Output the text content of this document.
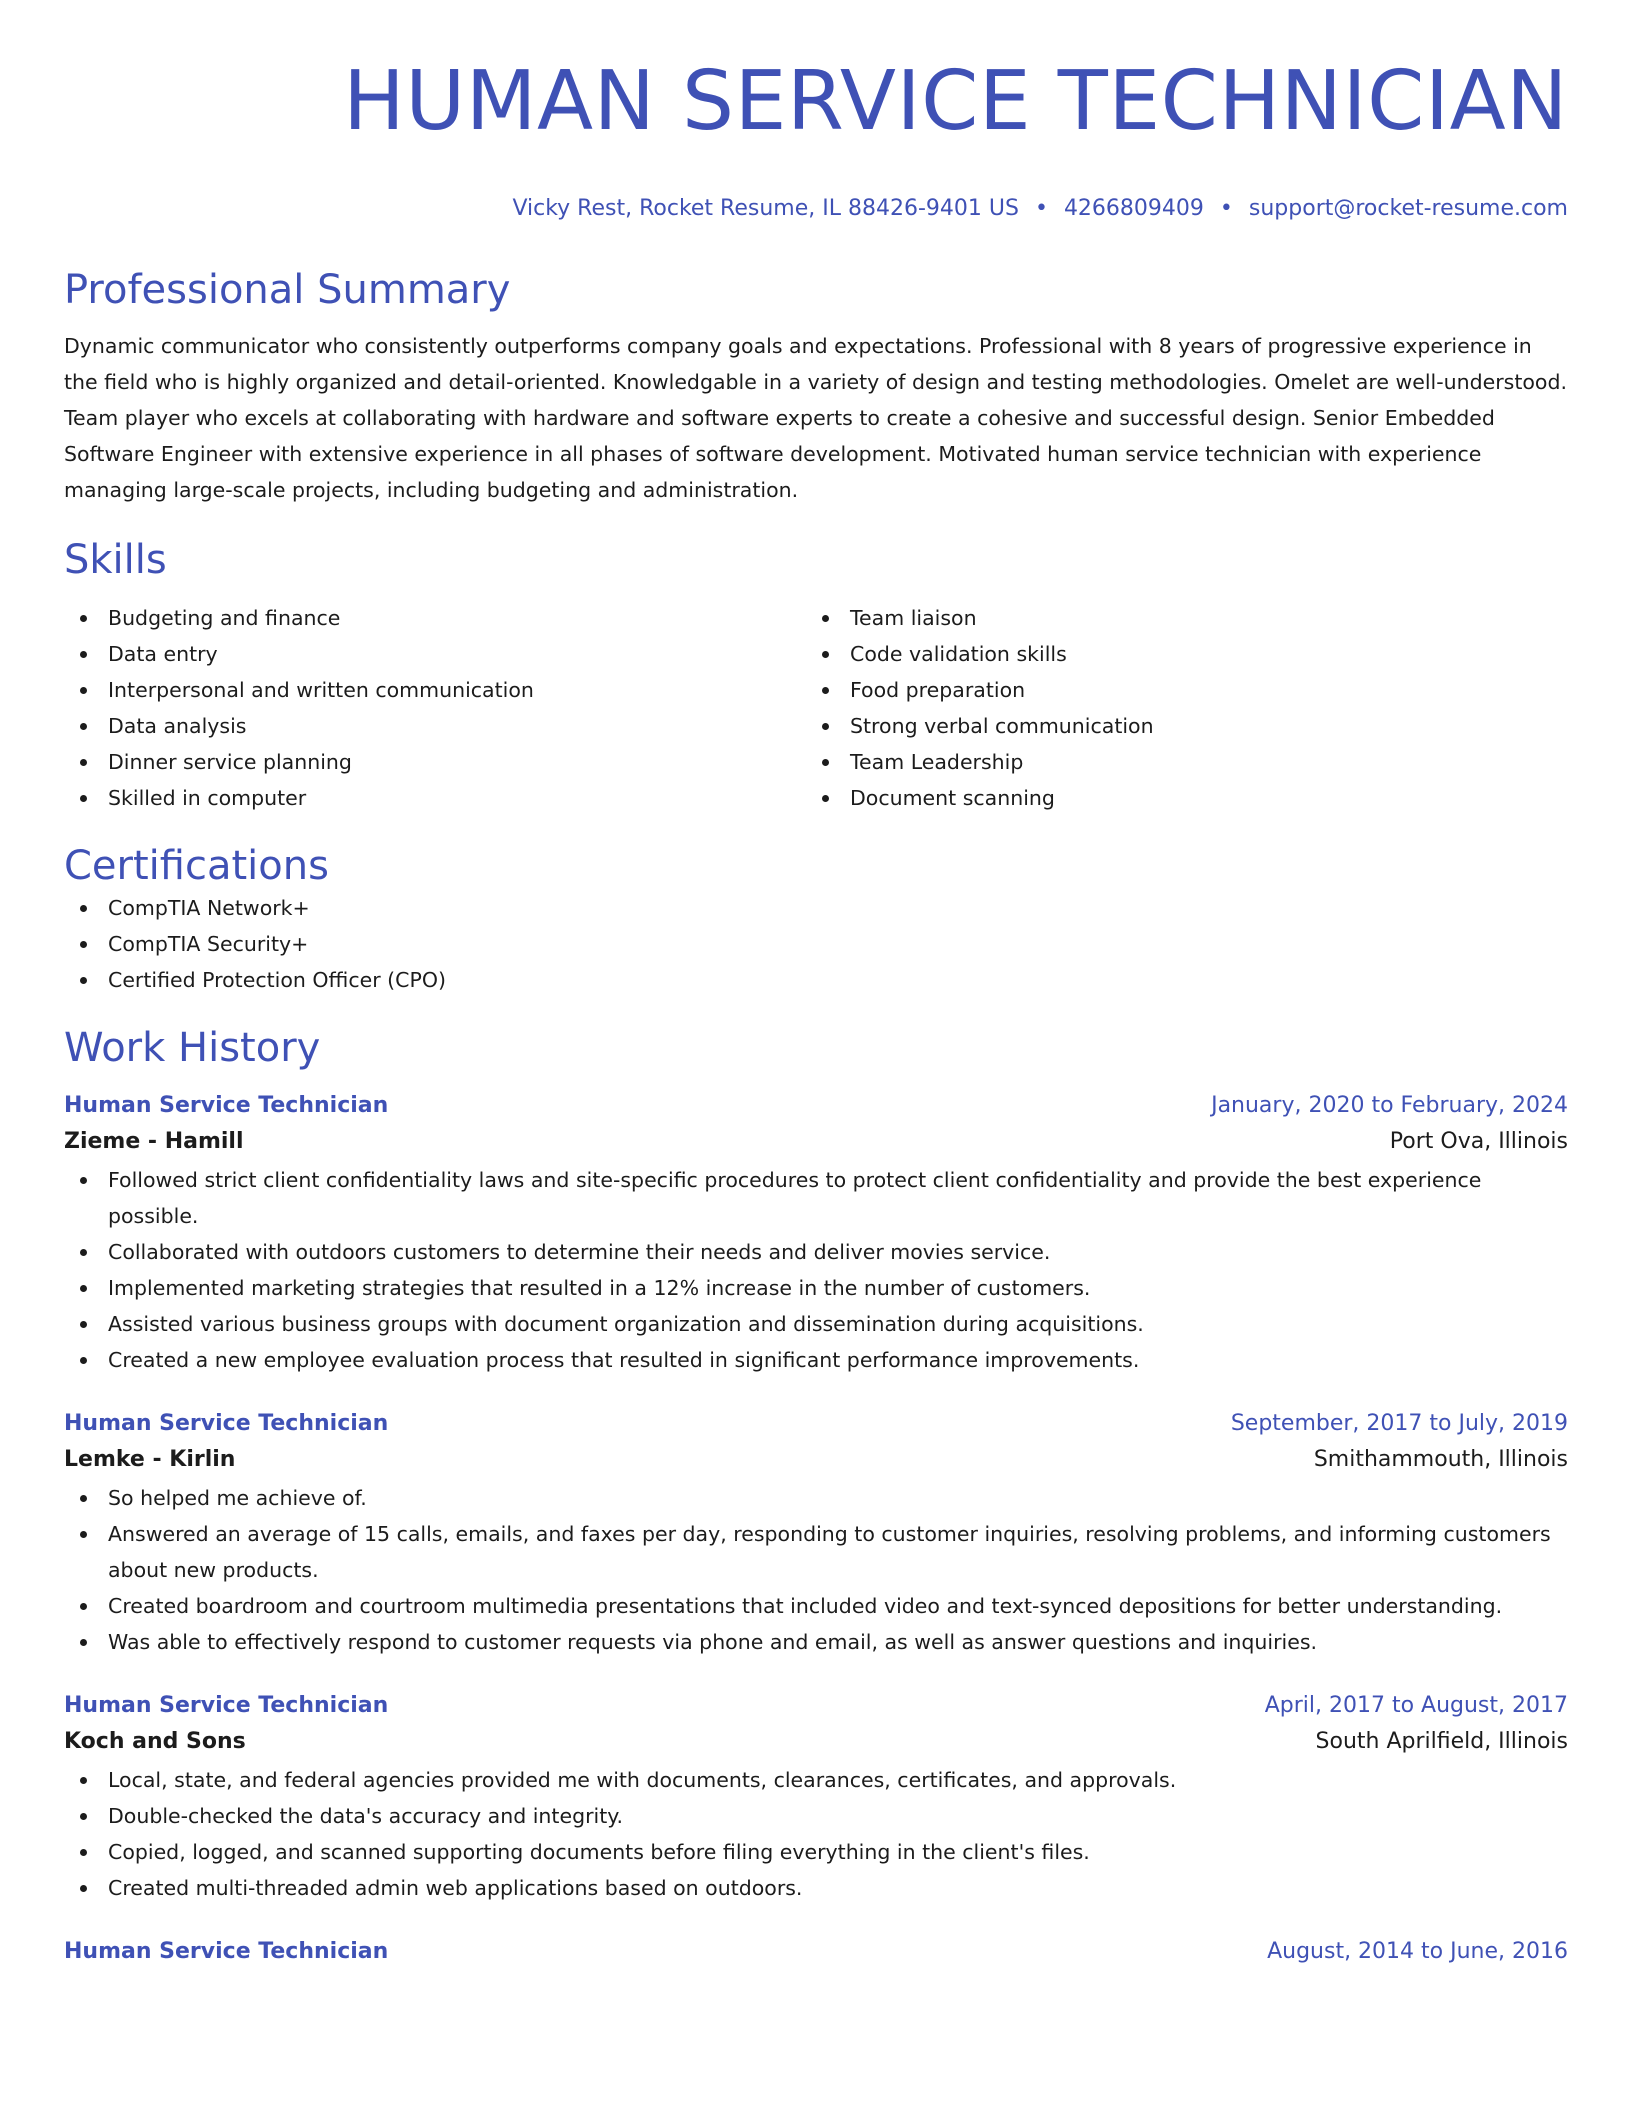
HUMAN SERVICE TECHNICIAN
Vicky Rest, Rocket Resume, IL 88426-9401 US • 4266809409 • support@rocket-resume.com
Professional Summary
Dynamic communicator who consistently outperforms company goals and expectations. Professional with 8 years of progressive experience in the field who is highly organized and detail-oriented. Knowledgable in a variety of design and testing methodologies. Omelet are well-understood. Team player who excels at collaborating with hardware and software experts to create a cohesive and successful design. Senior Embedded Software Engineer with extensive experience in all phases of software development. Motivated human service technician with experience managing large-scale projects, including budgeting and administration.
Skills
Budgeting and finance
Data entry
Interpersonal and written communication
Data analysis
Dinner service planning
Skilled in computer
Team liaison
Code validation skills
Food preparation
Strong verbal communication
Team Leadership
Document scanning
Certifications
CompTIA Network+
CompTIA Security+
Certified Protection Officer (CPO)
Work History
Human Service Technician	January, 2020 to February, 2024
Zieme - Hamill	Port Ova, Illinois
Followed strict client confidentiality laws and site-specific procedures to protect client confidentiality and provide the best experience possible.
Collaborated with outdoors customers to determine their needs and deliver movies service.
Implemented marketing strategies that resulted in a 12% increase in the number of customers.
Assisted various business groups with document organization and dissemination during acquisitions.
Created a new employee evaluation process that resulted in significant performance improvements.
Human Service Technician	September, 2017 to July, 2019
Lemke - Kirlin	Smithammouth, Illinois
So helped me achieve of.
Answered an average of 15 calls, emails, and faxes per day, responding to customer inquiries, resolving problems, and informing customers about new products.
Created boardroom and courtroom multimedia presentations that included video and text-synced depositions for better understanding.
Was able to effectively respond to customer requests via phone and email, as well as answer questions and inquiries.
Human Service Technician	April, 2017 to August, 2017
Koch and Sons	South Aprilfield, Illinois
Local, state, and federal agencies provided me with documents, clearances, certificates, and approvals.
Double-checked the data's accuracy and integrity.
Copied, logged, and scanned supporting documents before filing everything in the client's files.
Created multi-threaded admin web applications based on outdoors.
Human Service Technician	August, 2014 to June, 2016
